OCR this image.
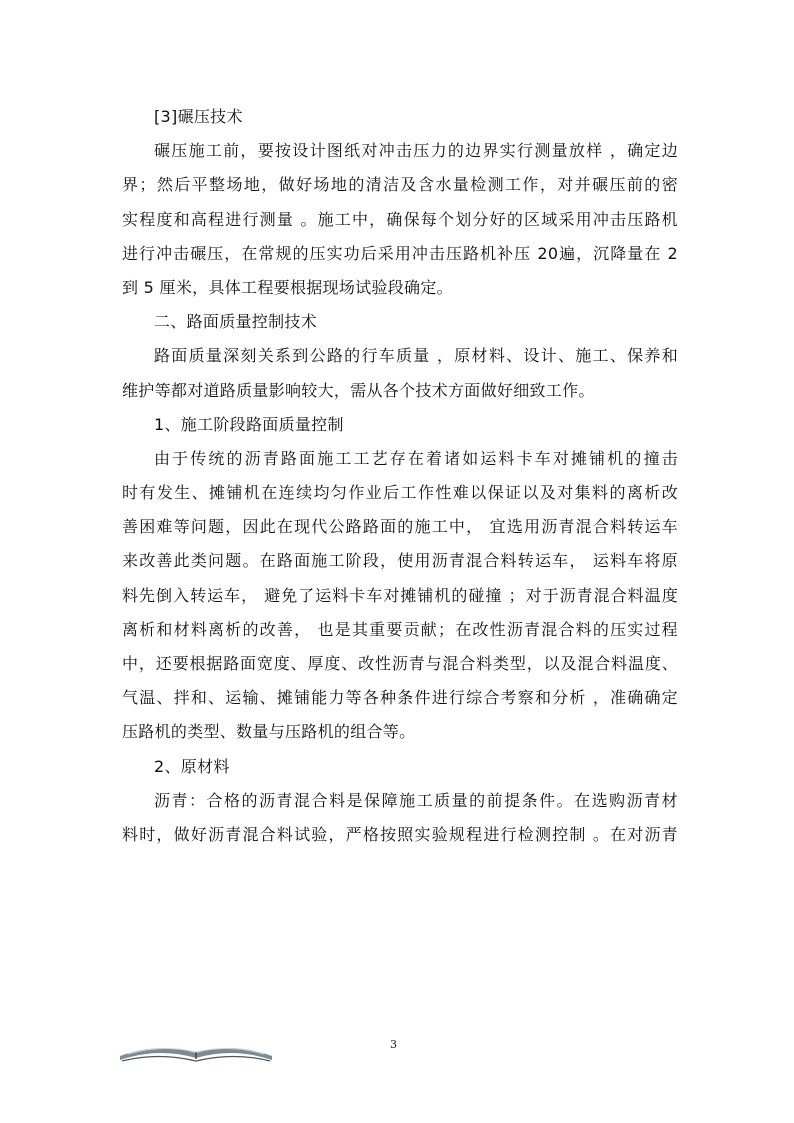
[3]碾压技术
碾压施工前，要按设计图纸对冲击压力的边界实行测量放样 ，确定边
界；然后平整场地，做好场地的清洁及含水量检测工作，对并碾压前的密
实程度和高程进行测量 。施工中，确保每个划分好的区域采用冲击压路机
进行冲击碾压，在常规的压实功后采用冲击压路机补压 20遍，沉降量在 2
到 5 厘米，具体工程要根据现场试验段确定。
二、路面质量控制技术
路面质量深刻关系到公路的行车质量 ，原材料、设计、施工、保养和
维护等都对道路质量影响较大，需从各个技术方面做好细致工作。
1、施工阶段路面质量控制
由于传统的沥青路面施工工艺存在着诸如运料卡车对摊铺机的撞击
时有发生、摊铺机在连续均匀作业后工作性难以保证以及对集料的离析改
善困难等问题，因此在现代公路路面的施工中， 宜选用沥青混合料转运车
来改善此类问题。在路面施工阶段，使用沥青混合料转运车， 运料车将原
料先倒入转运车， 避免了运料卡车对摊铺机的碰撞 ；对于沥青混合料温度
离析和材料离析的改善， 也是其重要贡献；在改性沥青混合料的压实过程
中，还要根据路面宽度、厚度、改性沥青与混合料类型，以及混合料温度、
气温、拌和、运输、摊铺能力等各种条件进行综合考察和分析 ，准确确定
压路机的类型、数量与压路机的组合等。
2、原材料
沥青：合格的沥青混合料是保障施工质量的前提条件。在选购沥青材
料时，做好沥青混合料试验，严格按照实验规程进行检测控制 。在对沥青
3
